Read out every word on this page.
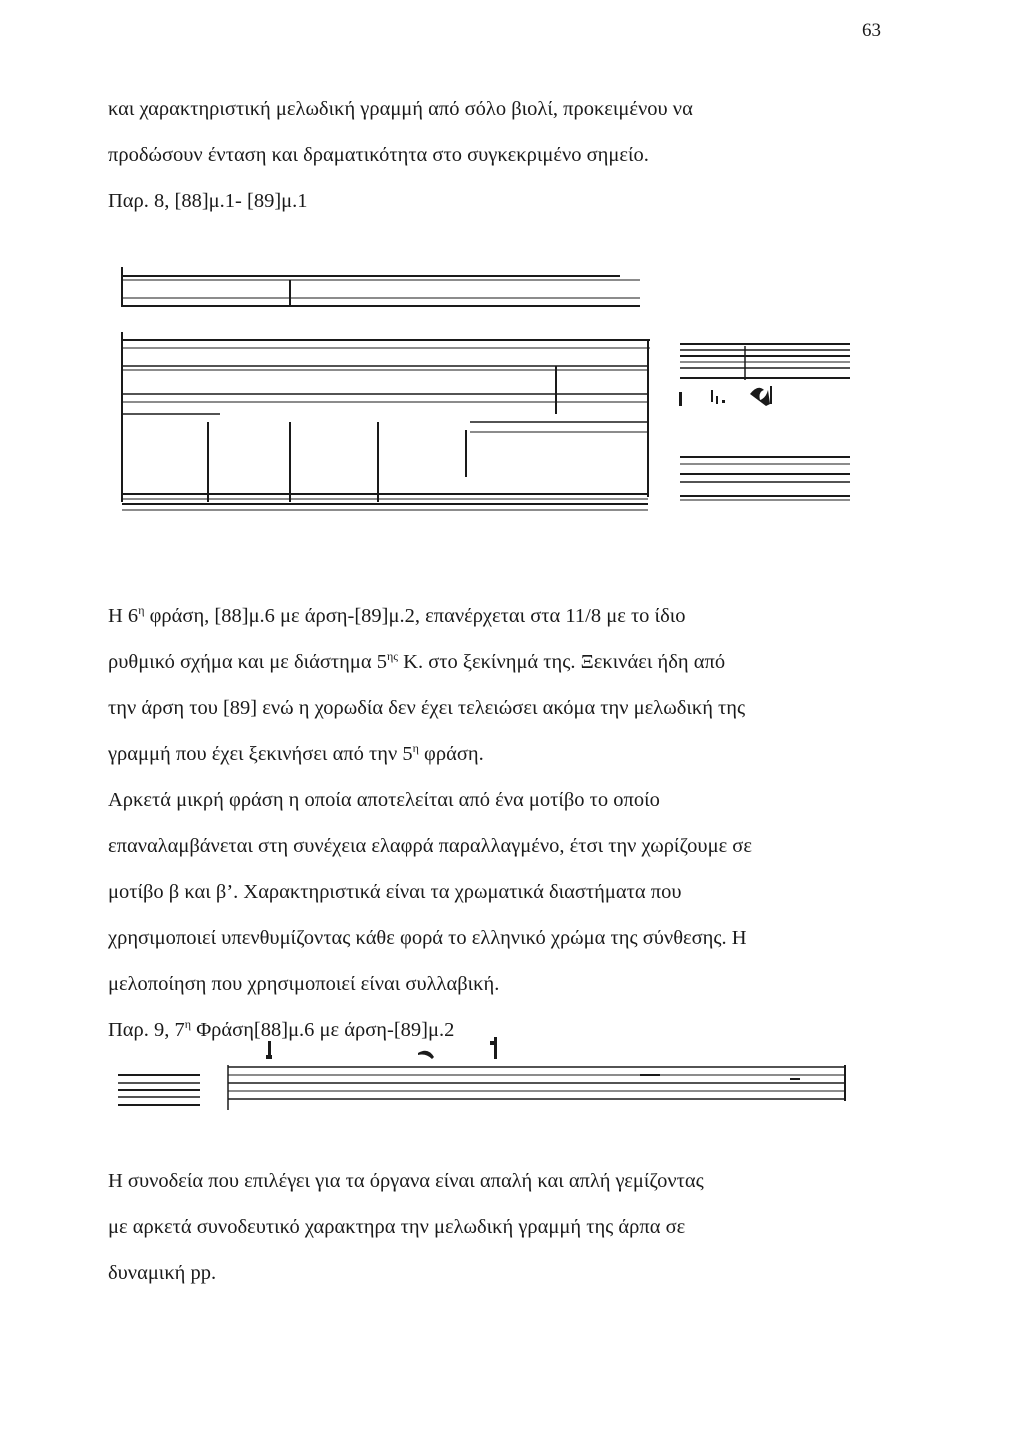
63

και χαρακτηριστική μελωδική γραμμή από σόλο βιολί, προκειμένου να
προδώσουν ένταση και δραματικότητα στο συγκεκριμένο σημείο.
Παρ. 8, [88]μ.1- [89]μ.1

Η $6^\eta$ φράση, [88]μ.6 με άρση-[89]μ.2, επανέρχεται στα 11/8 με το ίδιο
ρυθμικό σχήμα και με διάστημα $5^{\eta\varsigma}$ Κ. στο ξεκίνημά της. Ξεκινάει ήδη από
την άρση του [89] ενώ η χορωδία δεν έχει τελειώσει ακόμα την μελωδική της
γραμμή που έχει ξεκινήσει από την $5^\eta$ φράση.
Αρκετά μικρή φράση η οποία αποτελείται από ένα μοτίβο το οποίο
επαναλαμβάνεται στη συνέχεια ελαφρά παραλλαγμένο, έτσι την χωρίζουμε σε
μοτίβο β και β’. Χαρακτηριστικά είναι τα χρωματικά διαστήματα που
χρησιμοποιεί υπενθυμίζοντας κάθε φορά το ελληνικό χρώμα της σύνθεσης. Η
μελοποίηση που χρησιμοποιεί είναι συλλαβική.
Παρ. 9, $7^\eta$ Φράση[88]μ.6 με άρση-[89]μ.2

Η συνοδεία που επιλέγει για τα όργανα είναι απαλή και απλή γεμίζοντας
με αρκετά συνοδευτικό χαρακτηρα την μελωδική γραμμή της άρπα σε
δυναμική pp.
